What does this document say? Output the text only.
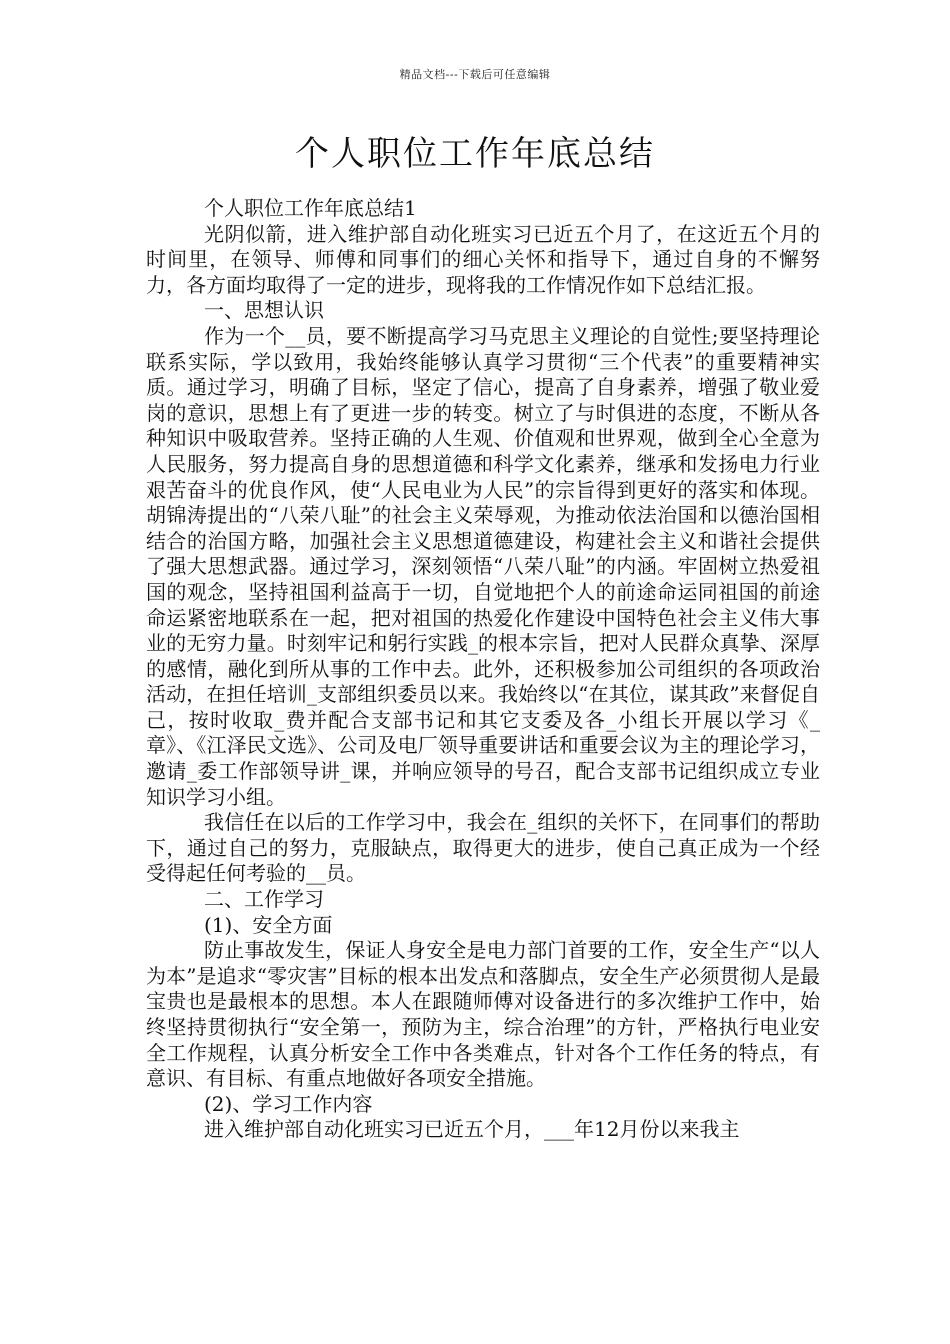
精品文档---下载后可任意编辑
个人职位工作年底总结

个人职位工作年底总结1

光阴似箭，进入维护部自动化班实习已近五个月了，在这近五个月的时间里，在领导、师傅和同事们的细心关怀和指导下，通过自身的不懈努力，各方面均取得了一定的进步，现将我的工作情况作如下总结汇报。

一、思想认识

作为一个__员，要不断提高学习马克思主义理论的自觉性;要坚持理论联系实际，学以致用，我始终能够认真学习贯彻“三个代表”的重要精神实质。通过学习，明确了目标，坚定了信心，提高了自身素养，增强了敬业爱岗的意识，思想上有了更进一步的转变。树立了与时俱进的态度，不断从各种知识中吸取营养。坚持正确的人生观、价值观和世界观，做到全心全意为人民服务，努力提高自身的思想道德和科学文化素养，继承和发扬电力行业艰苦奋斗的优良作风，使“人民电业为人民”的宗旨得到更好的落实和体现。胡锦涛提出的“八荣八耻”的社会主义荣辱观，为推动依法治国和以德治国相结合的治国方略，加强社会主义思想道德建设，构建社会主义和谐社会提供了强大思想武器。通过学习，深刻领悟“八荣八耻”的内涵。牢固树立热爱祖国的观念，坚持祖国利益高于一切，自觉地把个人的前途命运同祖国的前途命运紧密地联系在一起，把对祖国的热爱化作建设中国特色社会主义伟大事业的无穷力量。时刻牢记和躬行实践_的根本宗旨，把对人民群众真挚、深厚的感情，融化到所从事的工作中去。此外，还积极参加公司组织的各项政治活动，在担任培训_支部组织委员以来。我始终以“在其位，谋其政”来督促自己，按时收取_费并配合支部书记和其它支委及各_小组长开展以学习《_章》、《江泽民文选》、公司及电厂领导重要讲话和重要会议为主的理论学习，邀请_委工作部领导讲_课，并响应领导的号召，配合支部书记组织成立专业知识学习小组。

我信任在以后的工作学习中，我会在_组织的关怀下，在同事们的帮助下，通过自己的努力，克服缺点，取得更大的进步，使自己真正成为一个经受得起任何考验的__员。

二、工作学习

(1)、安全方面

防止事故发生，保证人身安全是电力部门首要的工作，安全生产“以人为本”是追求“零灾害”目标的根本出发点和落脚点，安全生产必须贯彻人是最宝贵也是最根本的思想。本人在跟随师傅对设备进行的多次维护工作中，始终坚持贯彻执行“安全第一，预防为主，综合治理”的方针，严格执行电业安全工作规程，认真分析安全工作中各类难点，针对各个工作任务的特点，有意识、有目标、有重点地做好各项安全措施。

(2)、学习工作内容

进入维护部自动化班实习已近五个月，___年12月份以来我主
